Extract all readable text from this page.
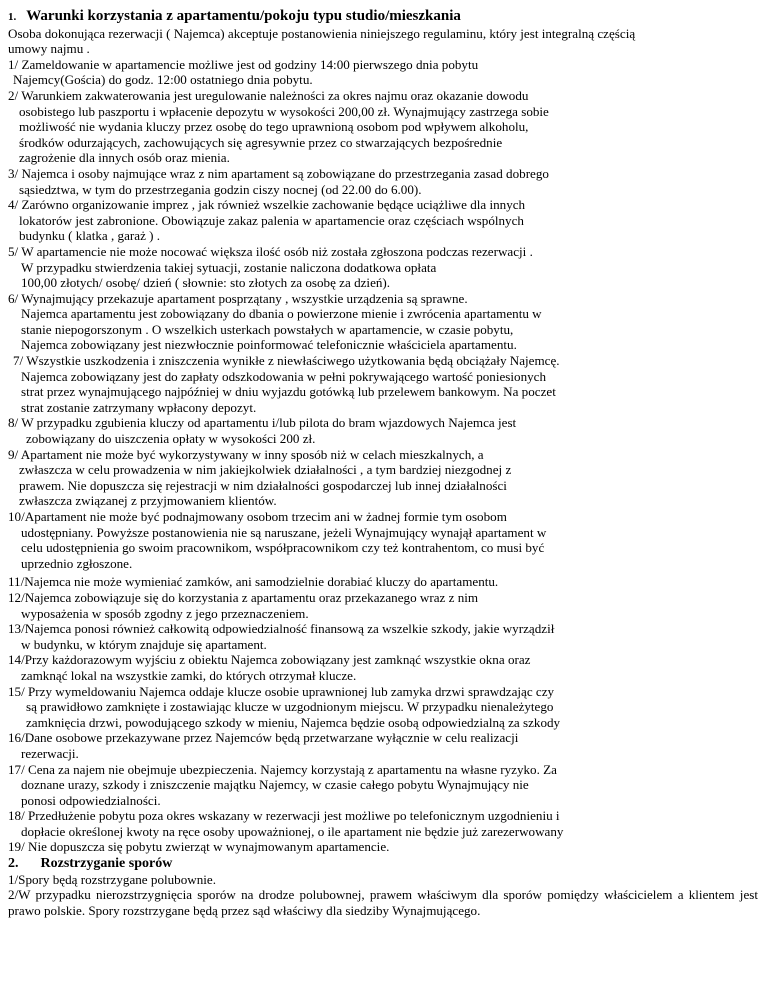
1. Warunki korzystania z apartamentu/pokoju typu studio/mieszkania

Osoba dokonująca rezerwacji ( Najemca) akceptuje postanowienia niniejszego regulaminu, który jest integralną częścią

umowy najmu .

1/ Zameldowanie w apartamencie możliwe jest od godziny 14:00 pierwszego dnia pobytu

Najemcy(Gościa) do godz. 12:00 ostatniego dnia pobytu.

2/ Warunkiem zakwaterowania jest uregulowanie należności za okres najmu oraz okazanie dowodu

osobistego lub paszportu i wpłacenie depozytu w wysokości 200,00 zł. Wynajmujący zastrzega sobie

możliwość nie wydania kluczy przez osobę do tego uprawnioną osobom pod wpływem alkoholu,

środków odurzających, zachowujących się agresywnie przez co stwarzających bezpośrednie

zagrożenie dla innych osób oraz mienia.

3/ Najemca i osoby najmujące wraz z nim apartament są zobowiązane do przestrzegania zasad dobrego

sąsiedztwa, w tym do przestrzegania godzin ciszy nocnej (od 22.00 do 6.00).

4/ Zarówno organizowanie imprez , jak również wszelkie zachowanie będące uciążliwe dla innych

lokatorów jest zabronione. Obowiązuje zakaz palenia w apartamencie oraz częściach wspólnych

budynku ( klatka , garaż ) .

5/ W apartamencie nie może nocować większa ilość osób niż została zgłoszona podczas rezerwacji .

W przypadku stwierdzenia takiej sytuacji, zostanie naliczona dodatkowa opłata

100,00 złotych/ osobę/ dzień ( słownie: sto złotych za osobę za dzień).

6/ Wynajmujący przekazuje apartament posprzątany , wszystkie urządzenia są sprawne.

Najemca apartamentu jest zobowiązany do dbania o powierzone mienie i zwrócenia apartamentu w

stanie niepogorszonym . O wszelkich usterkach powstałych w apartamencie, w czasie pobytu,

Najemca zobowiązany jest niezwłocznie poinformować telefonicznie właściciela apartamentu.

7/ Wszystkie uszkodzenia i zniszczenia wynikłe z niewłaściwego użytkowania będą obciążały Najemcę.

Najemca zobowiązany jest do zapłaty odszkodowania w pełni pokrywającego wartość poniesionych

strat przez wynajmującego najpóźniej w dniu wyjazdu gotówką lub przelewem bankowym. Na poczet

strat zostanie zatrzymany wpłacony depozyt.

8/ W przypadku zgubienia kluczy od apartamentu i/lub pilota do bram wjazdowych Najemca jest

zobowiązany do uiszczenia opłaty w wysokości 200 zł.

9/ Apartament nie może być wykorzystywany w inny sposób niż w celach mieszkalnych, a

zwłaszcza w celu prowadzenia w nim jakiejkolwiek działalności , a tym bardziej niezgodnej z

prawem. Nie dopuszcza się rejestracji w nim działalności gospodarczej lub innej działalności

zwłaszcza związanej z przyjmowaniem klientów.

10/Apartament nie może być podnajmowany osobom trzecim ani w żadnej formie tym osobom

udostępniany. Powyższe postanowienia nie są naruszane, jeżeli Wynajmujący wynajął apartament w

celu udostępnienia go swoim pracownikom, współpracownikom czy też kontrahentom, co musi być

uprzednio zgłoszone.

11/Najemca nie może wymieniać zamków, ani samodzielnie dorabiać kluczy do apartamentu.

12/Najemca zobowiązuje się do korzystania z apartamentu oraz przekazanego wraz z nim

wyposażenia w sposób zgodny z jego przeznaczeniem.

13/Najemca ponosi również całkowitą odpowiedzialność finansową za wszelkie szkody, jakie wyrządził

w budynku, w którym znajduje się apartament.

14/Przy każdorazowym wyjściu z obiektu Najemca zobowiązany jest zamknąć wszystkie okna oraz

zamknąć lokal na wszystkie zamki, do których otrzymał klucze.

15/ Przy wymeldowaniu Najemca oddaje klucze osobie uprawnionej lub zamyka drzwi sprawdzając czy

są prawidłowo zamknięte i zostawiając klucze w uzgodnionym miejscu. W przypadku nienależytego

zamknięcia drzwi, powodującego szkody w mieniu, Najemca będzie osobą odpowiedzialną za szkody

16/Dane osobowe przekazywane przez Najemców będą przetwarzane wyłącznie w celu realizacji

rezerwacji.

17/ Cena za najem nie obejmuje ubezpieczenia. Najemcy korzystają z apartamentu na własne ryzyko. Za

doznane urazy, szkody i zniszczenie majątku Najemcy, w czasie całego pobytu Wynajmujący nie

ponosi odpowiedzialności.

18/ Przedłużenie pobytu poza okres wskazany w rezerwacji jest możliwe po telefonicznym uzgodnieniu i

dopłacie określonej kwoty na ręce osoby upoważnionej, o ile apartament nie będzie już zarezerwowany

19/ Nie dopuszcza się pobytu zwierząt w wynajmowanym apartamencie.

2. Rozstrzyganie sporów

1/Spory będą rozstrzygane polubownie.

2/W przypadku nierozstrzygnięcia sporów na drodze polubownej, prawem właściwym dla sporów pomiędzy właścicielem a klientem jest prawo polskie. Spory rozstrzygane będą przez sąd właściwy dla siedziby Wynajmującego.
